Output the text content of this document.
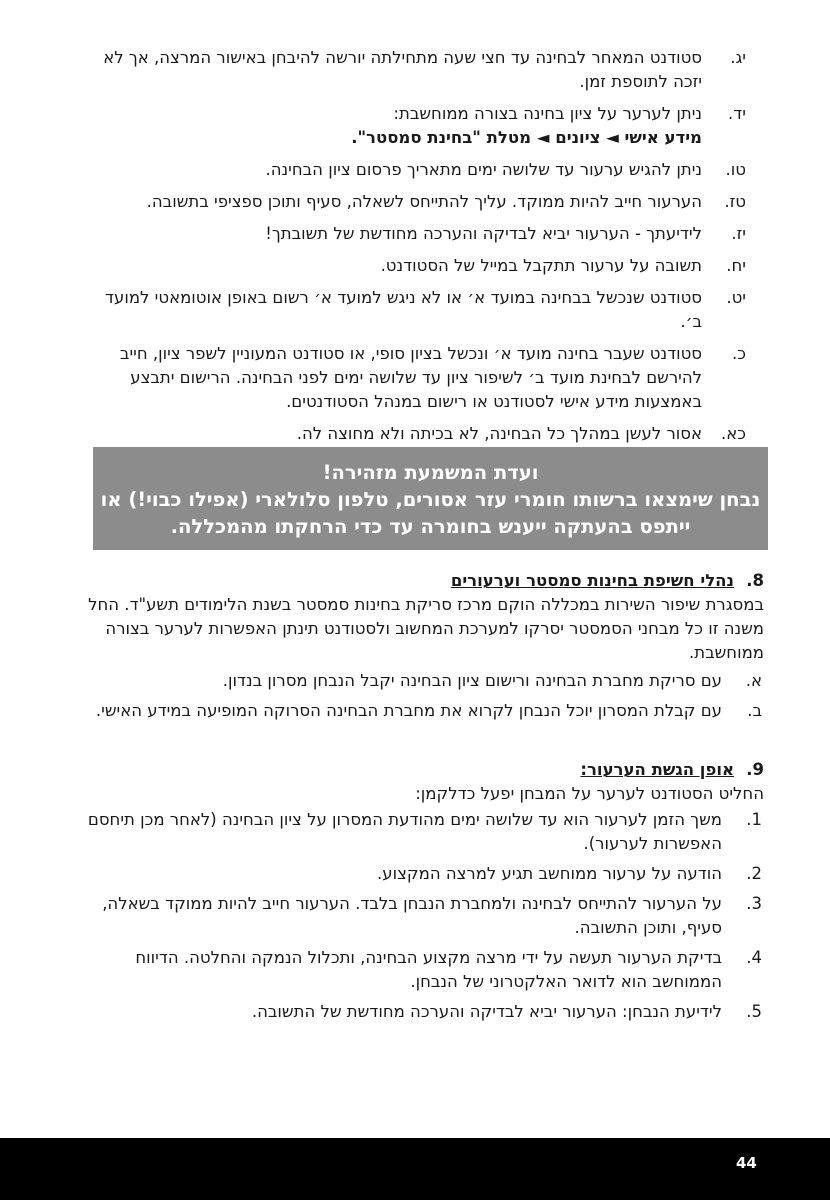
יג.
סטודנט המאחר לבחינה עד חצי שעה מתחילתה יורשה להיבחן באישור המרצה, אך לא יזכה לתוספת זמן.
יד.
ניתן לערער על ציון בחינה בצורה ממוחשבת:
מידע אישי ◄ ציונים ◄ מטלת "בחינת סמסטר".
טו.
ניתן להגיש ערעור עד שלושה ימים מתאריך פרסום ציון הבחינה.
טז.
הערעור חייב להיות ממוקד. עליך להתייחס לשאלה, סעיף ותוכן ספציפי בתשובה.
יז.
לידיעתך - הערעור יביא לבדיקה והערכה מחודשת של תשובתך!
יח.
תשובה על ערעור תתקבל במייל של הסטודנט.
יט.
סטודנט שנכשל בבחינה במועד א׳ או לא ניגש למועד א׳ רשום באופן אוטומאטי למועד ב׳.
כ.
סטודנט שעבר בחינה מועד א׳ ונכשל בציון סופי, או סטודנט המעוניין לשפר ציון, חייב להירשם לבחינת מועד ב׳ לשיפור ציון עד שלושה ימים לפני הבחינה. הרישום יתבצע באמצעות מידע אישי לסטודנט או רישום במנהל הסטודנטים.
כא.
אסור לעשן במהלך כל הבחינה, לא בכיתה ולא מחוצה לה.
ועדת המשמעת מזהירה!
נבחן שימצאו ברשותו חומרי עזר אסורים, טלפון סלולארי (אפילו כבוי!) או ייתפס בהעתקה ייענש בחומרה עד כדי הרחקתו מהמכללה.
8.נהלי חשיפת בחינות סמסטר וערעורים
במסגרת שיפור השירות במכללה הוקם מרכז סריקת בחינות סמסטר בשנת הלימודים תשע"ד. החל משנה זו כל מבחני הסמסטר יסרקו למערכת המחשוב ולסטודנט תינתן האפשרות לערער בצורה ממוחשבת.
א.
עם סריקת מחברת הבחינה ורישום ציון הבחינה יקבל הנבחן מסרון בנדון.
ב.
עם קבלת המסרון יוכל הנבחן לקרוא את מחברת הבחינה הסרוקה המופיעה במידע האישי.
9.אופן הגשת הערעור:
החליט הסטודנט לערער על המבחן יפעל כדלקמן:
1.
משך הזמן לערעור הוא עד שלושה ימים מהודעת המסרון על ציון הבחינה (לאחר מכן תיחסם האפשרות לערעור).
2.
הודעה על ערעור ממוחשב תגיע למרצה המקצוע.
3.
על הערעור להתייחס לבחינה ולמחברת הנבחן בלבד. הערעור חייב להיות ממוקד בשאלה, סעיף, ותוכן התשובה.
4.
בדיקת הערעור תעשה על ידי מרצה מקצוע הבחינה, ותכלול הנמקה והחלטה. הדיווח הממוחשב הוא לדואר האלקטרוני של הנבחן.
5.
לידיעת הנבחן: הערעור יביא לבדיקה והערכה מחודשת של התשובה.
44
